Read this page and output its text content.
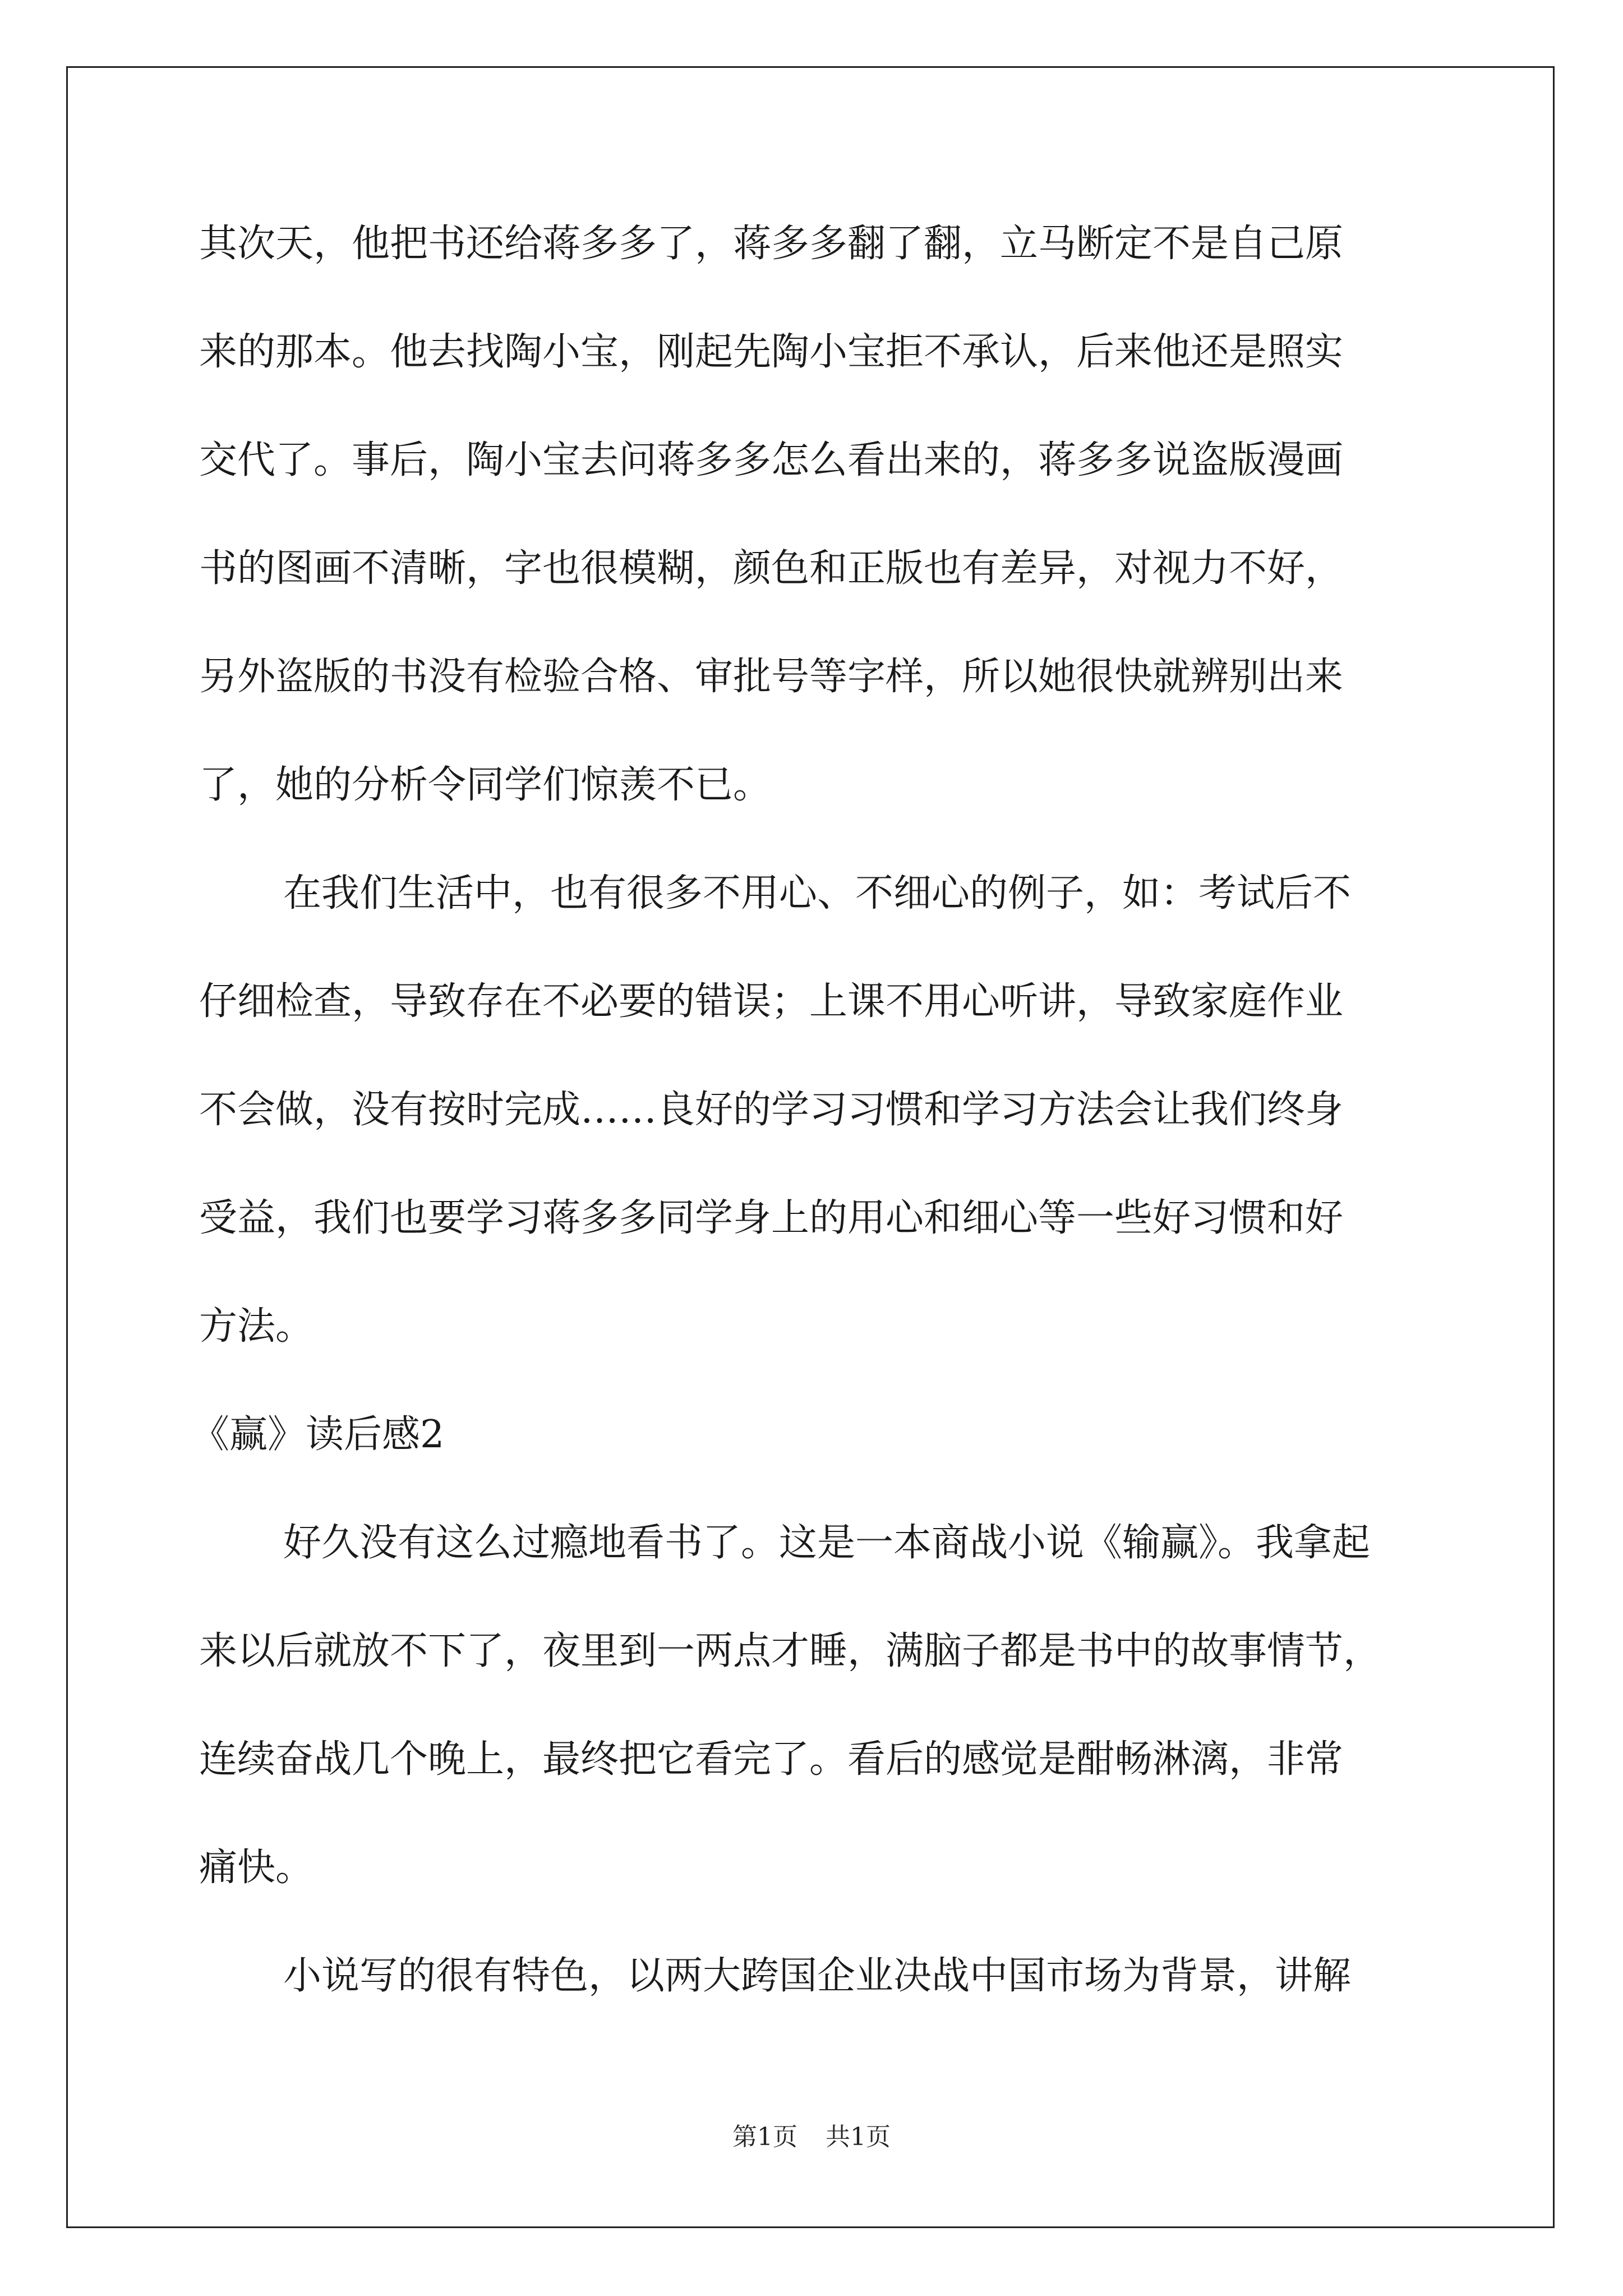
其次天，他把书还给蒋多多了，蒋多多翻了翻，立马断定不是自己原
来的那本。他去找陶小宝，刚起先陶小宝拒不承认，后来他还是照实
交代了。事后，陶小宝去问蒋多多怎么看出来的，蒋多多说盗版漫画
书的图画不清晰，字也很模糊，颜色和正版也有差异，对视力不好，
另外盗版的书没有检验合格、审批号等字样，所以她很快就辨别出来
了，她的分析令同学们惊羡不已。
在我们生活中，也有很多不用心、不细心的例子，如：考试后不
仔细检查，导致存在不必要的错误；上课不用心听讲，导致家庭作业
不会做，没有按时完成……良好的学习习惯和学习方法会让我们终身
受益，我们也要学习蒋多多同学身上的用心和细心等一些好习惯和好
方法。
《赢》读后感2
好久没有这么过瘾地看书了。这是一本商战小说《输赢》。我拿起
来以后就放不下了，夜里到一两点才睡，满脑子都是书中的故事情节，
连续奋战几个晚上，最终把它看完了。看后的感觉是酣畅淋漓，非常
痛快。
小说写的很有特色，以两大跨国企业决战中国市场为背景，讲解
第1页 共1页
